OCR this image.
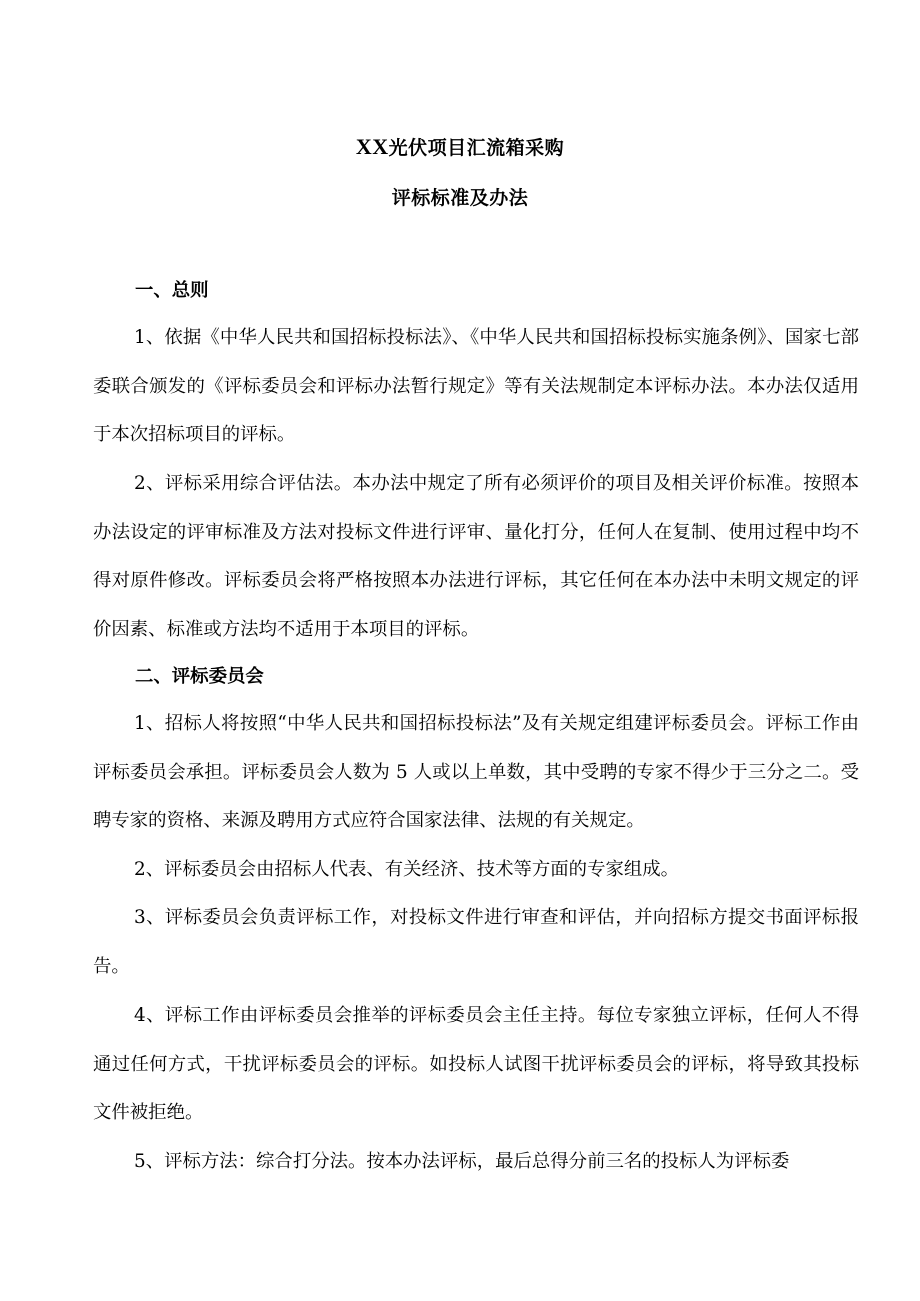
XX光伏项目汇流箱采购
评标标准及办法
一、总则
1、依据《中华人民共和国招标投标法》、《中华人民共和国招标投标实施条例》、国家七部委联合颁发的《评标委员会和评标办法暂行规定》等有关法规制定本评标办法。本办法仅适用于本次招标项目的评标。
2、评标采用综合评估法。本办法中规定了所有必须评价的项目及相关评价标准。按照本办法设定的评审标准及方法对投标文件进行评审、量化打分，任何人在复制、使用过程中均不得对原件修改。评标委员会将严格按照本办法进行评标，其它任何在本办法中未明文规定的评价因素、标准或方法均不适用于本项目的评标。
二、评标委员会
1、招标人将按照“中华人民共和国招标投标法”及有关规定组建评标委员会。评标工作由评标委员会承担。评标委员会人数为 5 人或以上单数，其中受聘的专家不得少于三分之二。受聘专家的资格、来源及聘用方式应符合国家法律、法规的有关规定。
2、评标委员会由招标人代表、有关经济、技术等方面的专家组成。
3、评标委员会负责评标工作，对投标文件进行审查和评估，并向招标方提交书面评标报告。
4、评标工作由评标委员会推举的评标委员会主任主持。每位专家独立评标，任何人不得通过任何方式，干扰评标委员会的评标。如投标人试图干扰评标委员会的评标，将导致其投标文件被拒绝。
5、评标方法：综合打分法。按本办法评标，最后总得分前三名的投标人为评标委
